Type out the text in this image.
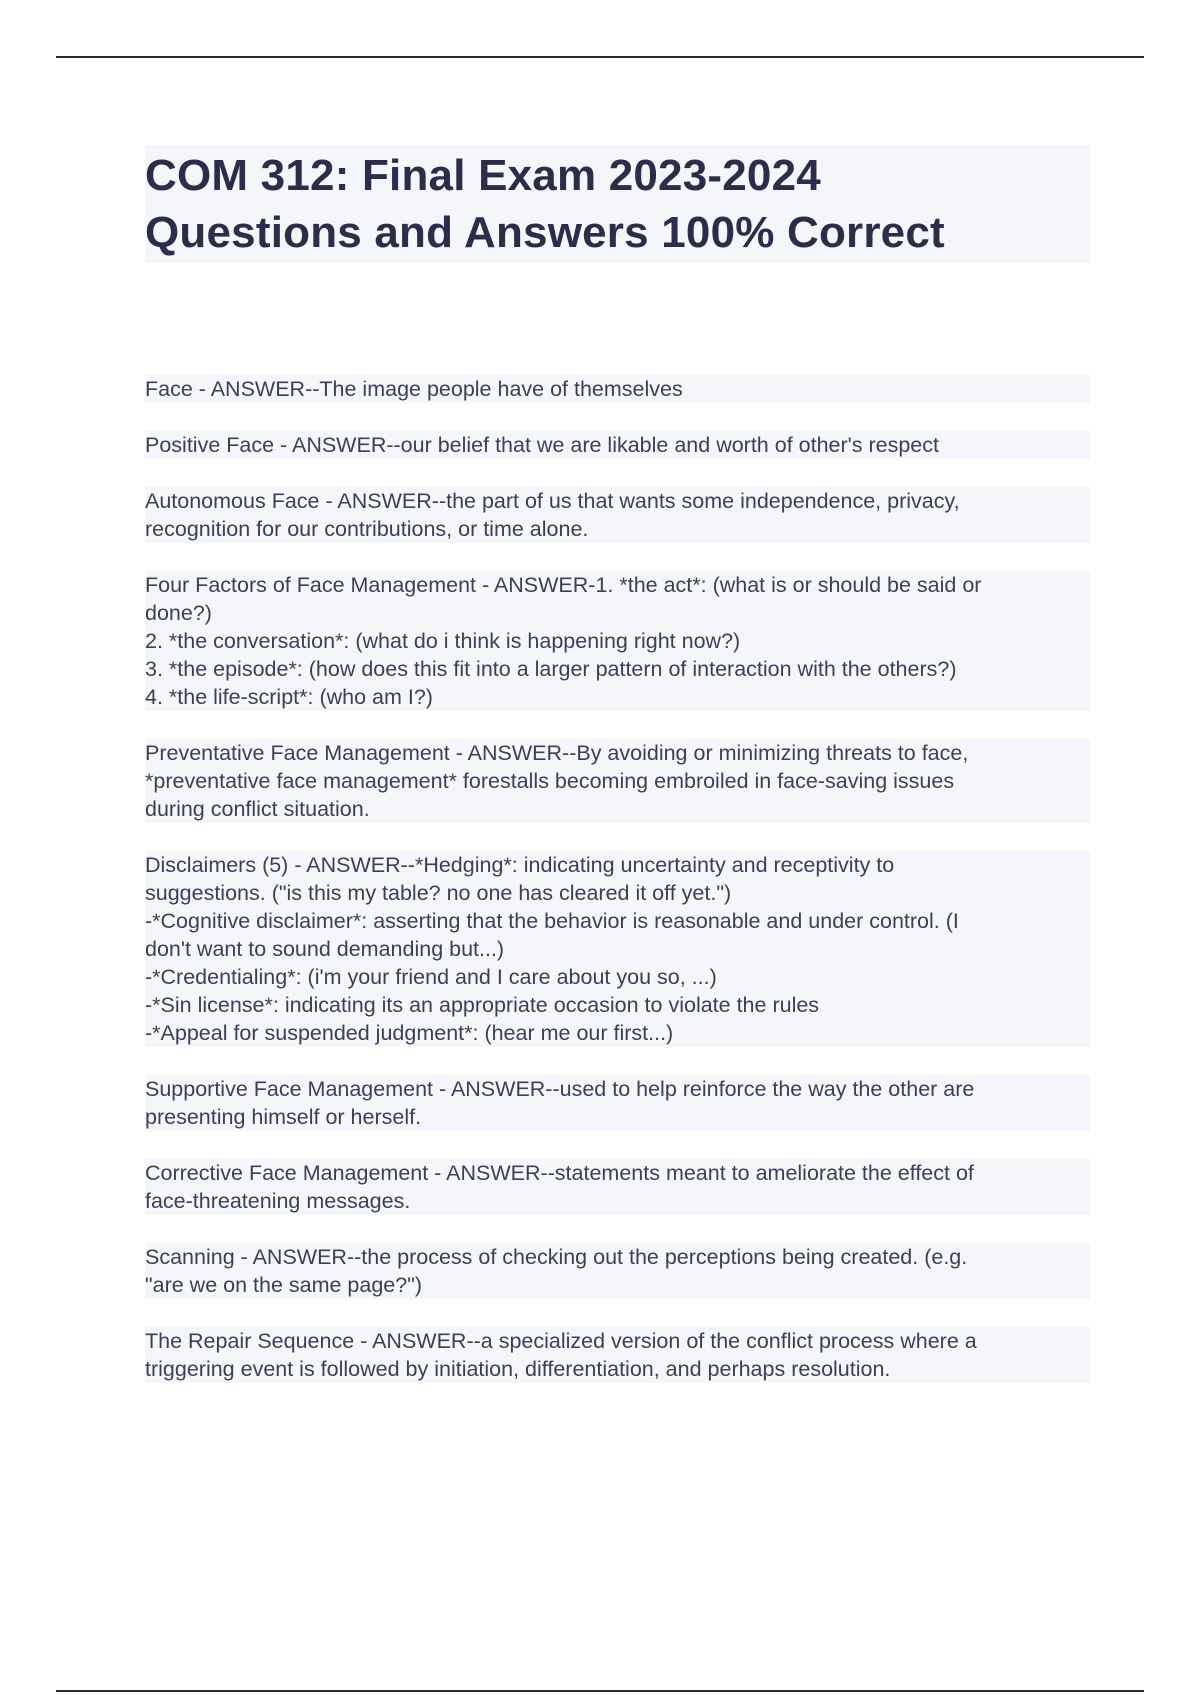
COM 312: Final Exam 2023-2024
Questions and Answers 100% Correct
Face - ANSWER--The image people have of themselves Positive Face - ANSWER--our belief that we are likable and worth of other's respect Autonomous Face - ANSWER--the part of us that wants some independence, privacy,
recognition for our contributions, or time alone. Four Factors of Face Management - ANSWER-1. *the act*: (what is or should be said or
done?)
2. *the conversation*: (what do i think is happening right now?)
3. *the episode*: (how does this fit into a larger pattern of interaction with the others?)
4. *the life-script*: (who am I?) Preventative Face Management - ANSWER--By avoiding or minimizing threats to face,
*preventative face management* forestalls becoming embroiled in face-saving issues
during conflict situation. Disclaimers (5) - ANSWER--*Hedging*: indicating uncertainty and receptivity to
suggestions. ("is this my table? no one has cleared it off yet.")
-*Cognitive disclaimer*: asserting that the behavior is reasonable and under control. (I
don't want to sound demanding but...)
-*Credentialing*: (i'm your friend and I care about you so, ...)
-*Sin license*: indicating its an appropriate occasion to violate the rules
-*Appeal for suspended judgment*: (hear me our first...) Supportive Face Management - ANSWER--used to help reinforce the way the other are
presenting himself or herself. Corrective Face Management - ANSWER--statements meant to ameliorate the effect of
face-threatening messages. Scanning - ANSWER--the process of checking out the perceptions being created. (e.g.
"are we on the same page?") The Repair Sequence - ANSWER--a specialized version of the conflict process where a
triggering event is followed by initiation, differentiation, and perhaps resolution.
